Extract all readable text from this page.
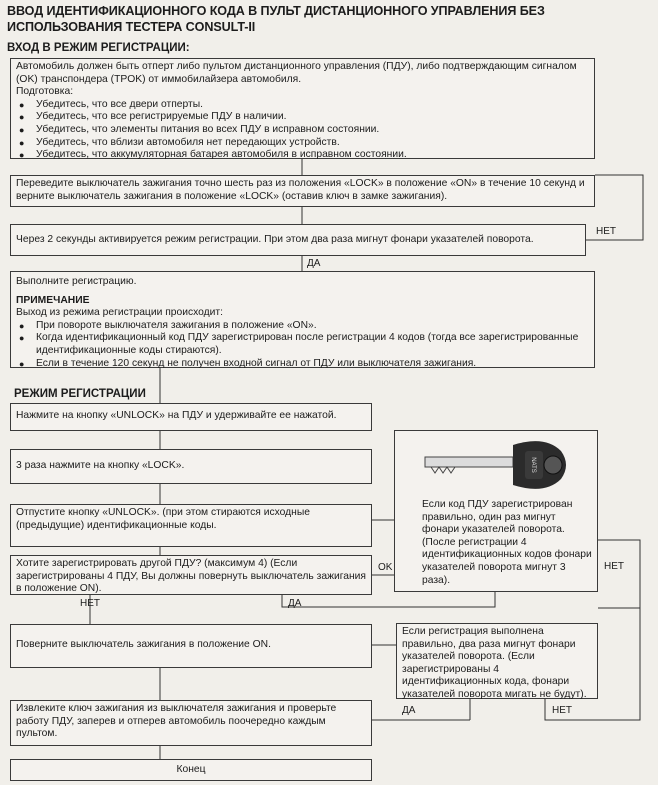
ВВОД ИДЕНТИФИКАЦИОННОГО КОДА В ПУЛЬТ ДИСТАНЦИОННОГО УПРАВЛЕНИЯ БЕЗ ИСПОЛЬЗОВАНИЯ ТЕСТЕРА CONSULT-II
ВХОД В РЕЖИМ РЕГИСТРАЦИИ:
Автомобиль должен быть отперт либо пультом дистанционного управления (ПДУ), либо подтверждающим сигналом (OK) транспондера (TPOK) от иммобилайзера автомобиля.
Подготовка:
● Убедитесь, что все двери отперты.
● Убедитесь, что все регистрируемые ПДУ в наличии.
● Убедитесь, что элементы питания во всех ПДУ в исправном состоянии.
● Убедитесь, что вблизи автомобиля нет передающих устройств.
● Убедитесь, что аккумуляторная батарея автомобиля в исправном состоянии.
Переведите выключатель зажигания точно шесть раз из положения «LOCK» в положение «ON» в течение 10 секунд и верните выключатель зажигания в положение «LOCK» (оставив ключ в замке зажигания).
Через 2 секунды активируется режим регистрации. При этом два раза мигнут фонари указателей поворота.
Выполните регистрацию.
ПРИМЕЧАНИЕ
Выход из режима регистрации происходит:
● При повороте выключателя зажигания в положение «ON».
● Когда идентификационный код ПДУ зарегистрирован после регистрации 4 кодов (тогда все зарегистрированные идентификационные коды стираются).
● Если в течение 120 секунд не получен входной сигнал от ПДУ или выключателя зажигания.
РЕЖИМ РЕГИСТРАЦИИ
Нажмите на кнопку «UNLOCK» на ПДУ и удерживайте ее нажатой.
3 раза нажмите на кнопку «LOCK».
Отпустите кнопку «UNLOCK». (при этом стираются исходные (предыдущие) идентификационные коды.
Хотите зарегистрировать другой ПДУ? (максимум 4) (Если зарегистрированы 4 ПДУ, Вы должны повернуть выключатель зажигания в положение ON).
Поверните выключатель зажигания в положение ON.
Извлеките ключ зажигания из выключателя зажигания и проверьте работу ПДУ, заперев и отперев автомобиль поочередно каждым пультом.
Конец
NATS
Если код ПДУ зарегистрирован правильно, один раз мигнут фонари указателей поворота. (После регистрации 4 идентификационных кодов фонари указателей поворота мигнут 3 раза).
Если регистрация выполнена правильно, два раза мигнут фонари указателей поворота. (Если зарегистрированы 4 идентификационных кода, фонари указателей поворота мигать не будут).
НЕТ
ДА
OK	НЕТ
НЕТ	ДА
ДА	НЕТ
